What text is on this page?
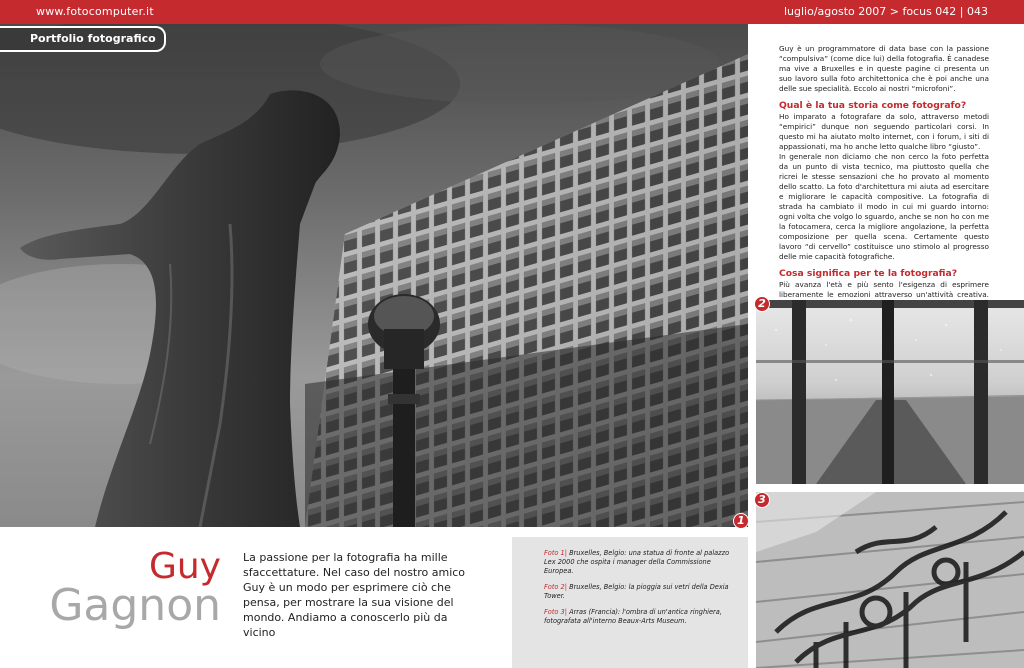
www.fotocomputer.it	luglio/agosto 2007 > focus 042 | 043
Portfolio fotografico
1
Guy
Gagnon

La passione per la fotografia ha mille sfaccettature. Nel caso del nostro amico Guy è un modo per esprimere ciò che pensa, per mostrare la sua visione del mondo. Andiamo a conoscerlo più da vicino

Foto 1| Bruxelles, Belgio: una statua di fronte al palazzo Lex 2000 che ospita i manager della Commissione Europea.

Foto 2| Bruxelles, Belgio: la pioggia sui vetri della Dexia Tower.

Foto 3| Arras (Francia): l'ombra di un'antica ringhiera, fotografata all'interno Beaux-Arts Museum.

Guy è un programmatore di data base con la passione “compulsiva” (come dice lui) della fotografia. È canadese ma vive a Bruxelles e in queste pagine ci presenta un suo lavoro sulla foto architettonica che è poi anche una delle sue specialità. Eccolo ai nostri “microfoni”.

Qual è la tua storia come fotografo?

Ho imparato a fotografare da solo, attraverso metodi “empirici” dunque non seguendo particolari corsi. In questo mi ha aiutato molto internet, con i forum, i siti di appassionati, ma ho anche letto qualche libro “giusto”.

In generale non diciamo che non cerco la foto perfetta da un punto di vista tecnico, ma piuttosto quella che ricrei le stesse sensazioni che ho provato al momento dello scatto. La foto d'architettura mi aiuta ad esercitare e migliorare le capacità compositive. La fotografia di strada ha cambiato il modo in cui mi guardo intorno: ogni volta che volgo lo sguardo, anche se non ho con me la fotocamera, cerca la migliore angolazione, la perfetta composizione per quella scena. Certamente questo lavoro “di cervello” costituisce uno stimolo al progresso delle mie capacità fotografiche.

Cosa significa per te la fotografia?

Più avanza l'età e più sento l'esigenza di esprimere liberamente le emozioni attraverso un'attività creativa.

2
3
